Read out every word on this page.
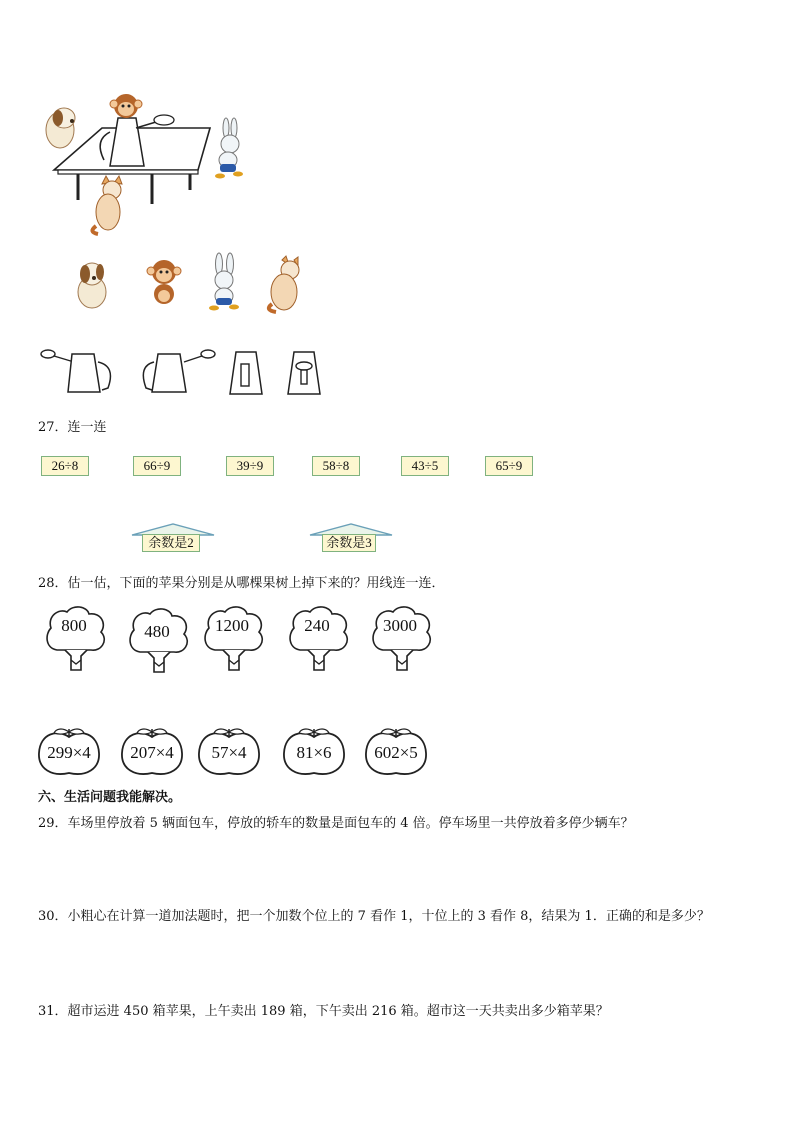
27．连一连
26÷8	66÷9	39÷9	58÷8	43÷5	65÷9
余数是2	余数是3
28．估一估，下面的苹果分别是从哪棵果树上掉下来的？用线连一连．
800	480	1200	240	3000
299×4	207×4	57×4	81×6	602×5
六、生活问题我能解决。
29．车场里停放着 5 辆面包车，停放的轿车的数量是面包车的 4 倍。停车场里一共停放着多停少辆车？
30．小粗心在计算一道加法题时，把一个加数个位上的 7 看作 1，十位上的 3 看作 8，结果为 1．正确的和是多少？
31．超市运进 450 箱苹果，上午卖出 189 箱，下午卖出 216 箱。超市这一天共卖出多少箱苹果？
